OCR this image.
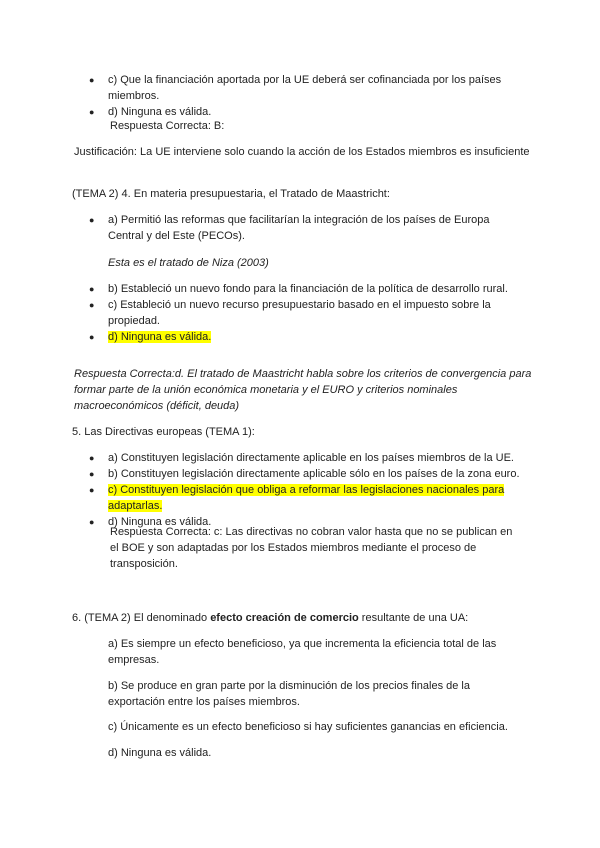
● c) Que la financiación aportada por la UE deberá ser cofinanciada por los países miembros.
● d) Ninguna es válida.
Respuesta Correcta: B:
Justificación: La UE interviene solo cuando la acción de los Estados miembros es insuficiente
(TEMA 2) 4. En materia presupuestaria, el Tratado de Maastricht:
● a) Permitió las reformas que facilitarían la integración de los países de Europa Central y del Este (PECOs).
Esta es el tratado de Niza (2003)
● b) Estableció un nuevo fondo para la financiación de la política de desarrollo rural.
● c) Estableció un nuevo recurso presupuestario basado en el impuesto sobre la propiedad.
● d) Ninguna es válida.
Respuesta Correcta:d. El tratado de Maastricht habla sobre los criterios de convergencia para formar parte de la unión económica monetaria y el EURO y criterios nominales macroeconómicos (déficit, deuda)
5. Las Directivas europeas (TEMA 1):
● a) Constituyen legislación directamente aplicable en los países miembros de la UE.
● b) Constituyen legislación directamente aplicable sólo en los países de la zona euro.
● c) Constituyen legislación que obliga a reformar las legislaciones nacionales para adaptarlas.
● d) Ninguna es válida.
Respuesta Correcta: c: Las directivas no cobran valor hasta que no se publican en el BOE y son adaptadas por los Estados miembros mediante el proceso de transposición.
6. (TEMA 2) El denominado efecto creación de comercio resultante de una UA:
a) Es siempre un efecto beneficioso, ya que incrementa la eficiencia total de las empresas.
b) Se produce en gran parte por la disminución de los precios finales de la exportación entre los países miembros.
c) Únicamente es un efecto beneficioso si hay suficientes ganancias en eficiencia.
d) Ninguna es válida.
